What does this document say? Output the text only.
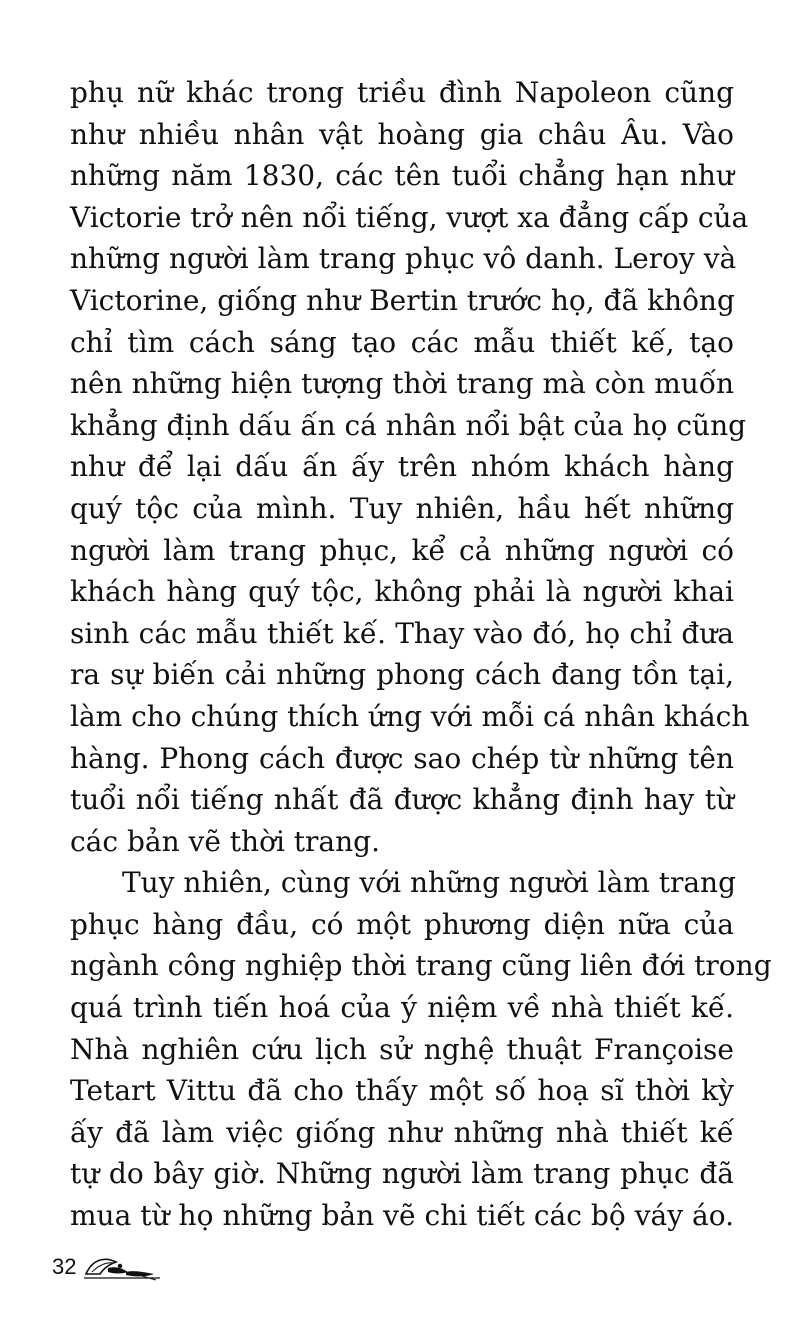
phụ nữ khác trong triều đình Napoleon cũng
như nhiều nhân vật hoàng gia châu Âu. Vào
những năm 1830, các tên tuổi chẳng hạn như
Victorie trở nên nổi tiếng, vượt xa đẳng cấp của
những người làm trang phục vô danh. Leroy và
Victorine, giống như Bertin trước họ, đã không
chỉ tìm cách sáng tạo các mẫu thiết kế, tạo
nên những hiện tượng thời trang mà còn muốn
khẳng định dấu ấn cá nhân nổi bật của họ cũng
như để lại dấu ấn ấy trên nhóm khách hàng
quý tộc của mình. Tuy nhiên, hầu hết những
người làm trang phục, kể cả những người có
khách hàng quý tộc, không phải là người khai
sinh các mẫu thiết kế. Thay vào đó, họ chỉ đưa
ra sự biến cải những phong cách đang tồn tại,
làm cho chúng thích ứng với mỗi cá nhân khách
hàng. Phong cách được sao chép từ những tên
tuổi nổi tiếng nhất đã được khẳng định hay từ
các bản vẽ thời trang.
Tuy nhiên, cùng với những người làm trang
phục hàng đầu, có một phương diện nữa của
ngành công nghiệp thời trang cũng liên đới trong
quá trình tiến hoá của ý niệm về nhà thiết kế.
Nhà nghiên cứu lịch sử nghệ thuật Françoise
Tetart Vittu đã cho thấy một số hoạ sĩ thời kỳ
ấy đã làm việc giống như những nhà thiết kế
tự do bây giờ. Những người làm trang phục đã
mua từ họ những bản vẽ chi tiết các bộ váy áo.
32
